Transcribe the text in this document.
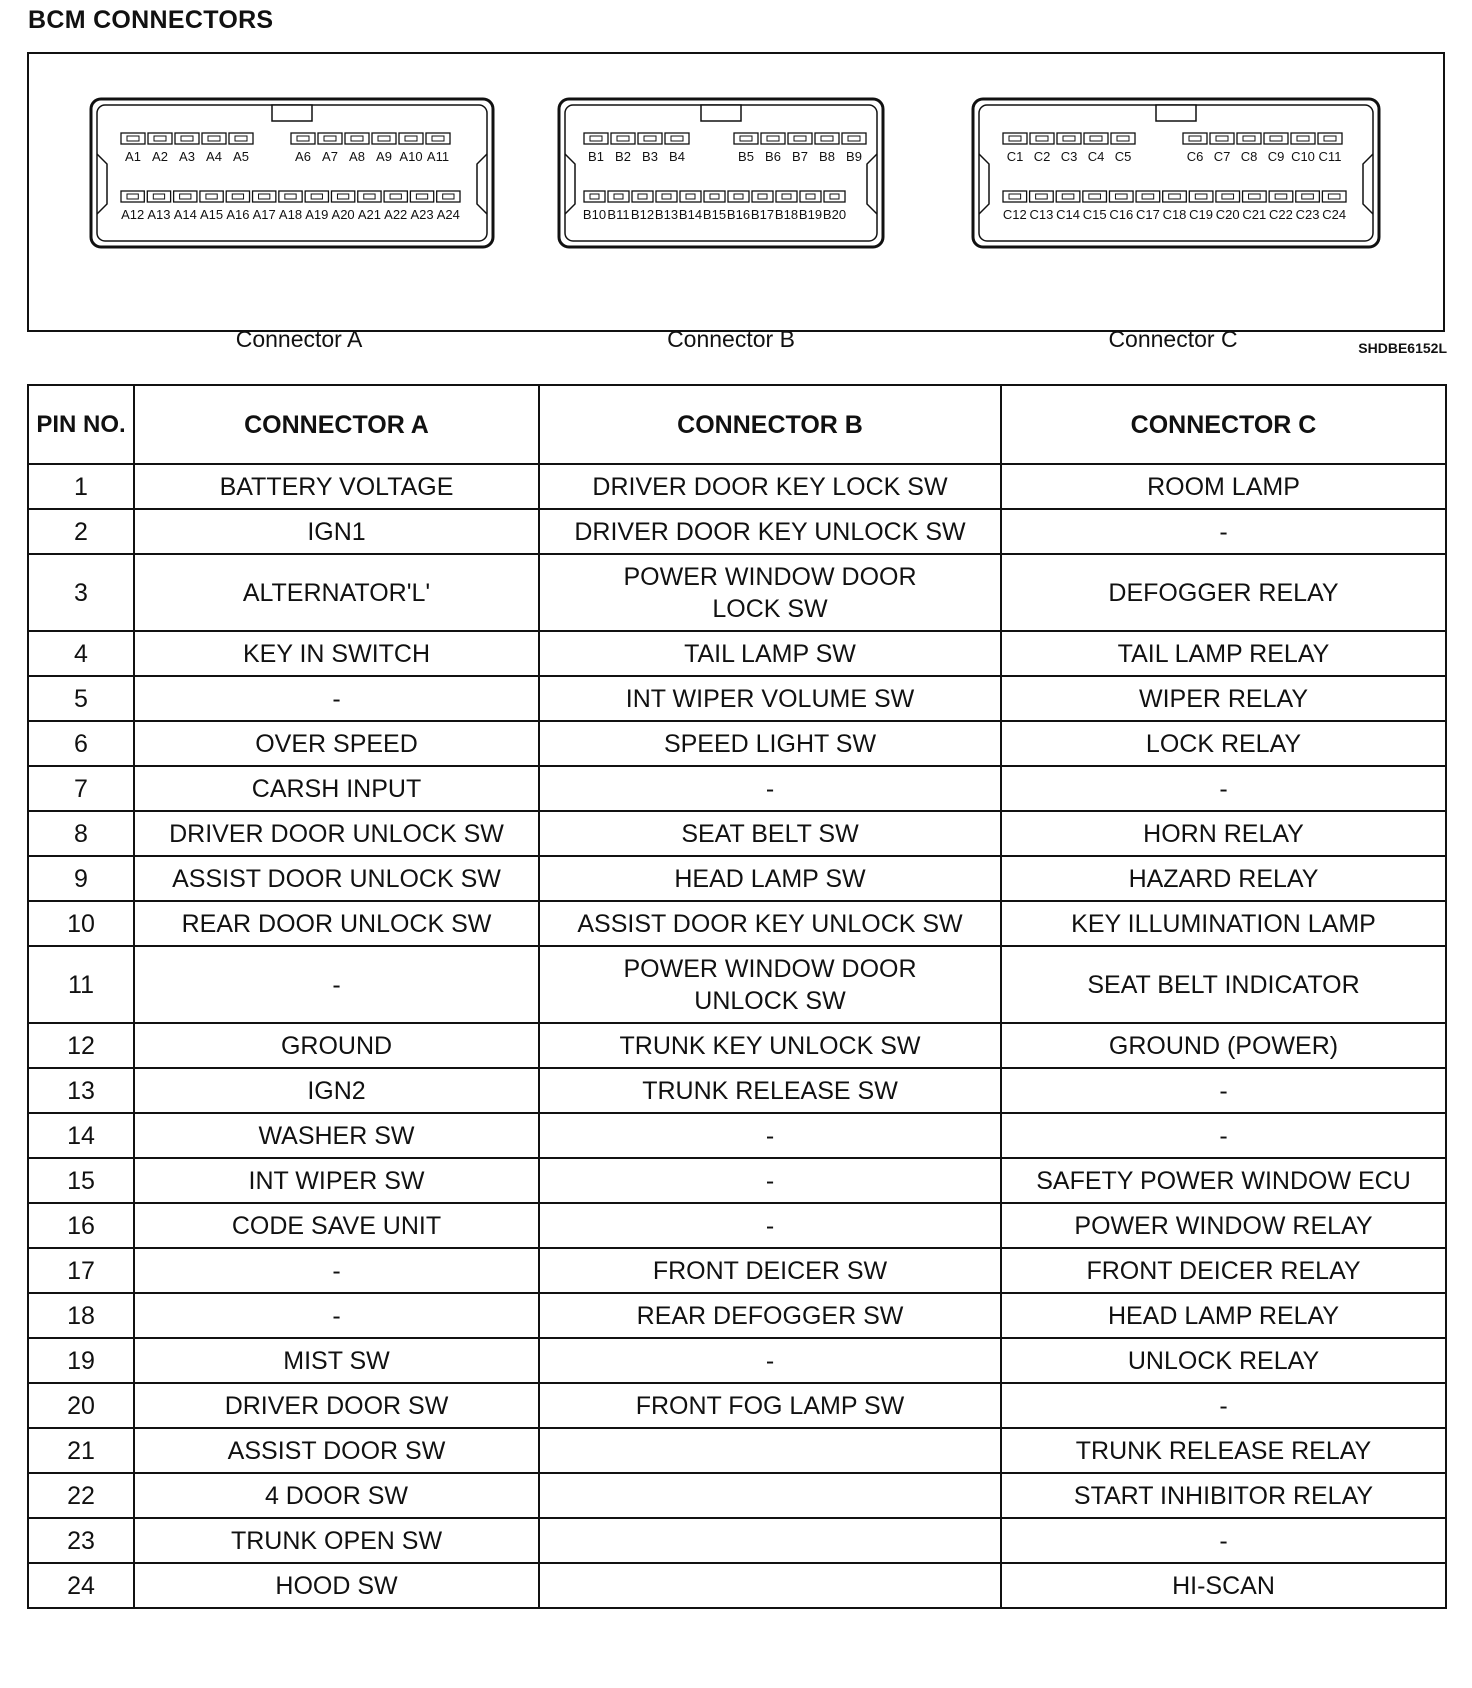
BCM CONNECTORS
A1 A2 A3 A4 A5	A6 A7 A8 A9 A10 A11
A12 A13 A14 A15 A16 A17 A18 A19 A20 A21 A22 A23 A24
B1 B2 B3 B4	B5 B6 B7 B8 B9
B10 B11 B12 B13 B14 B15 B16 B17 B18 B19 B20
C1 C2 C3 C4 C5	C6 C7 C8 C9 C10 C11
C12 C13 C14 C15 C16 C17 C18 C19 C20 C21 C22 C23 C24
Connector A	Connector B	Connector C	SHDBE6152L
PIN NO.	CONNECTOR A	CONNECTOR B	CONNECTOR C
1	BATTERY VOLTAGE	DRIVER DOOR KEY LOCK SW	ROOM LAMP
2	IGN1	DRIVER DOOR KEY UNLOCK SW	-
3	ALTERNATOR'L'	POWER WINDOW DOOR LOCK SW	DEFOGGER RELAY
4	KEY IN SWITCH	TAIL LAMP SW	TAIL LAMP RELAY
5	-	INT WIPER VOLUME SW	WIPER RELAY
6	OVER SPEED	SPEED LIGHT SW	LOCK RELAY
7	CARSH INPUT	-	-
8	DRIVER DOOR UNLOCK SW	SEAT BELT SW	HORN RELAY
9	ASSIST DOOR UNLOCK SW	HEAD LAMP SW	HAZARD RELAY
10	REAR DOOR UNLOCK SW	ASSIST DOOR KEY UNLOCK SW	KEY ILLUMINATION LAMP
11	-	POWER WINDOW DOOR UNLOCK SW	SEAT BELT INDICATOR
12	GROUND	TRUNK KEY UNLOCK SW	GROUND (POWER)
13	IGN2	TRUNK RELEASE SW	-
14	WASHER SW	-	-
15	INT WIPER SW	-	SAFETY POWER WINDOW ECU
16	CODE SAVE UNIT	-	POWER WINDOW RELAY
17	-	FRONT DEICER SW	FRONT DEICER RELAY
18	-	REAR DEFOGGER SW	HEAD LAMP RELAY
19	MIST SW	-	UNLOCK RELAY
20	DRIVER DOOR SW	FRONT FOG LAMP SW	-
21	ASSIST DOOR SW		TRUNK RELEASE RELAY
22	4 DOOR SW		START INHIBITOR RELAY
23	TRUNK OPEN SW		-
24	HOOD SW		HI-SCAN
